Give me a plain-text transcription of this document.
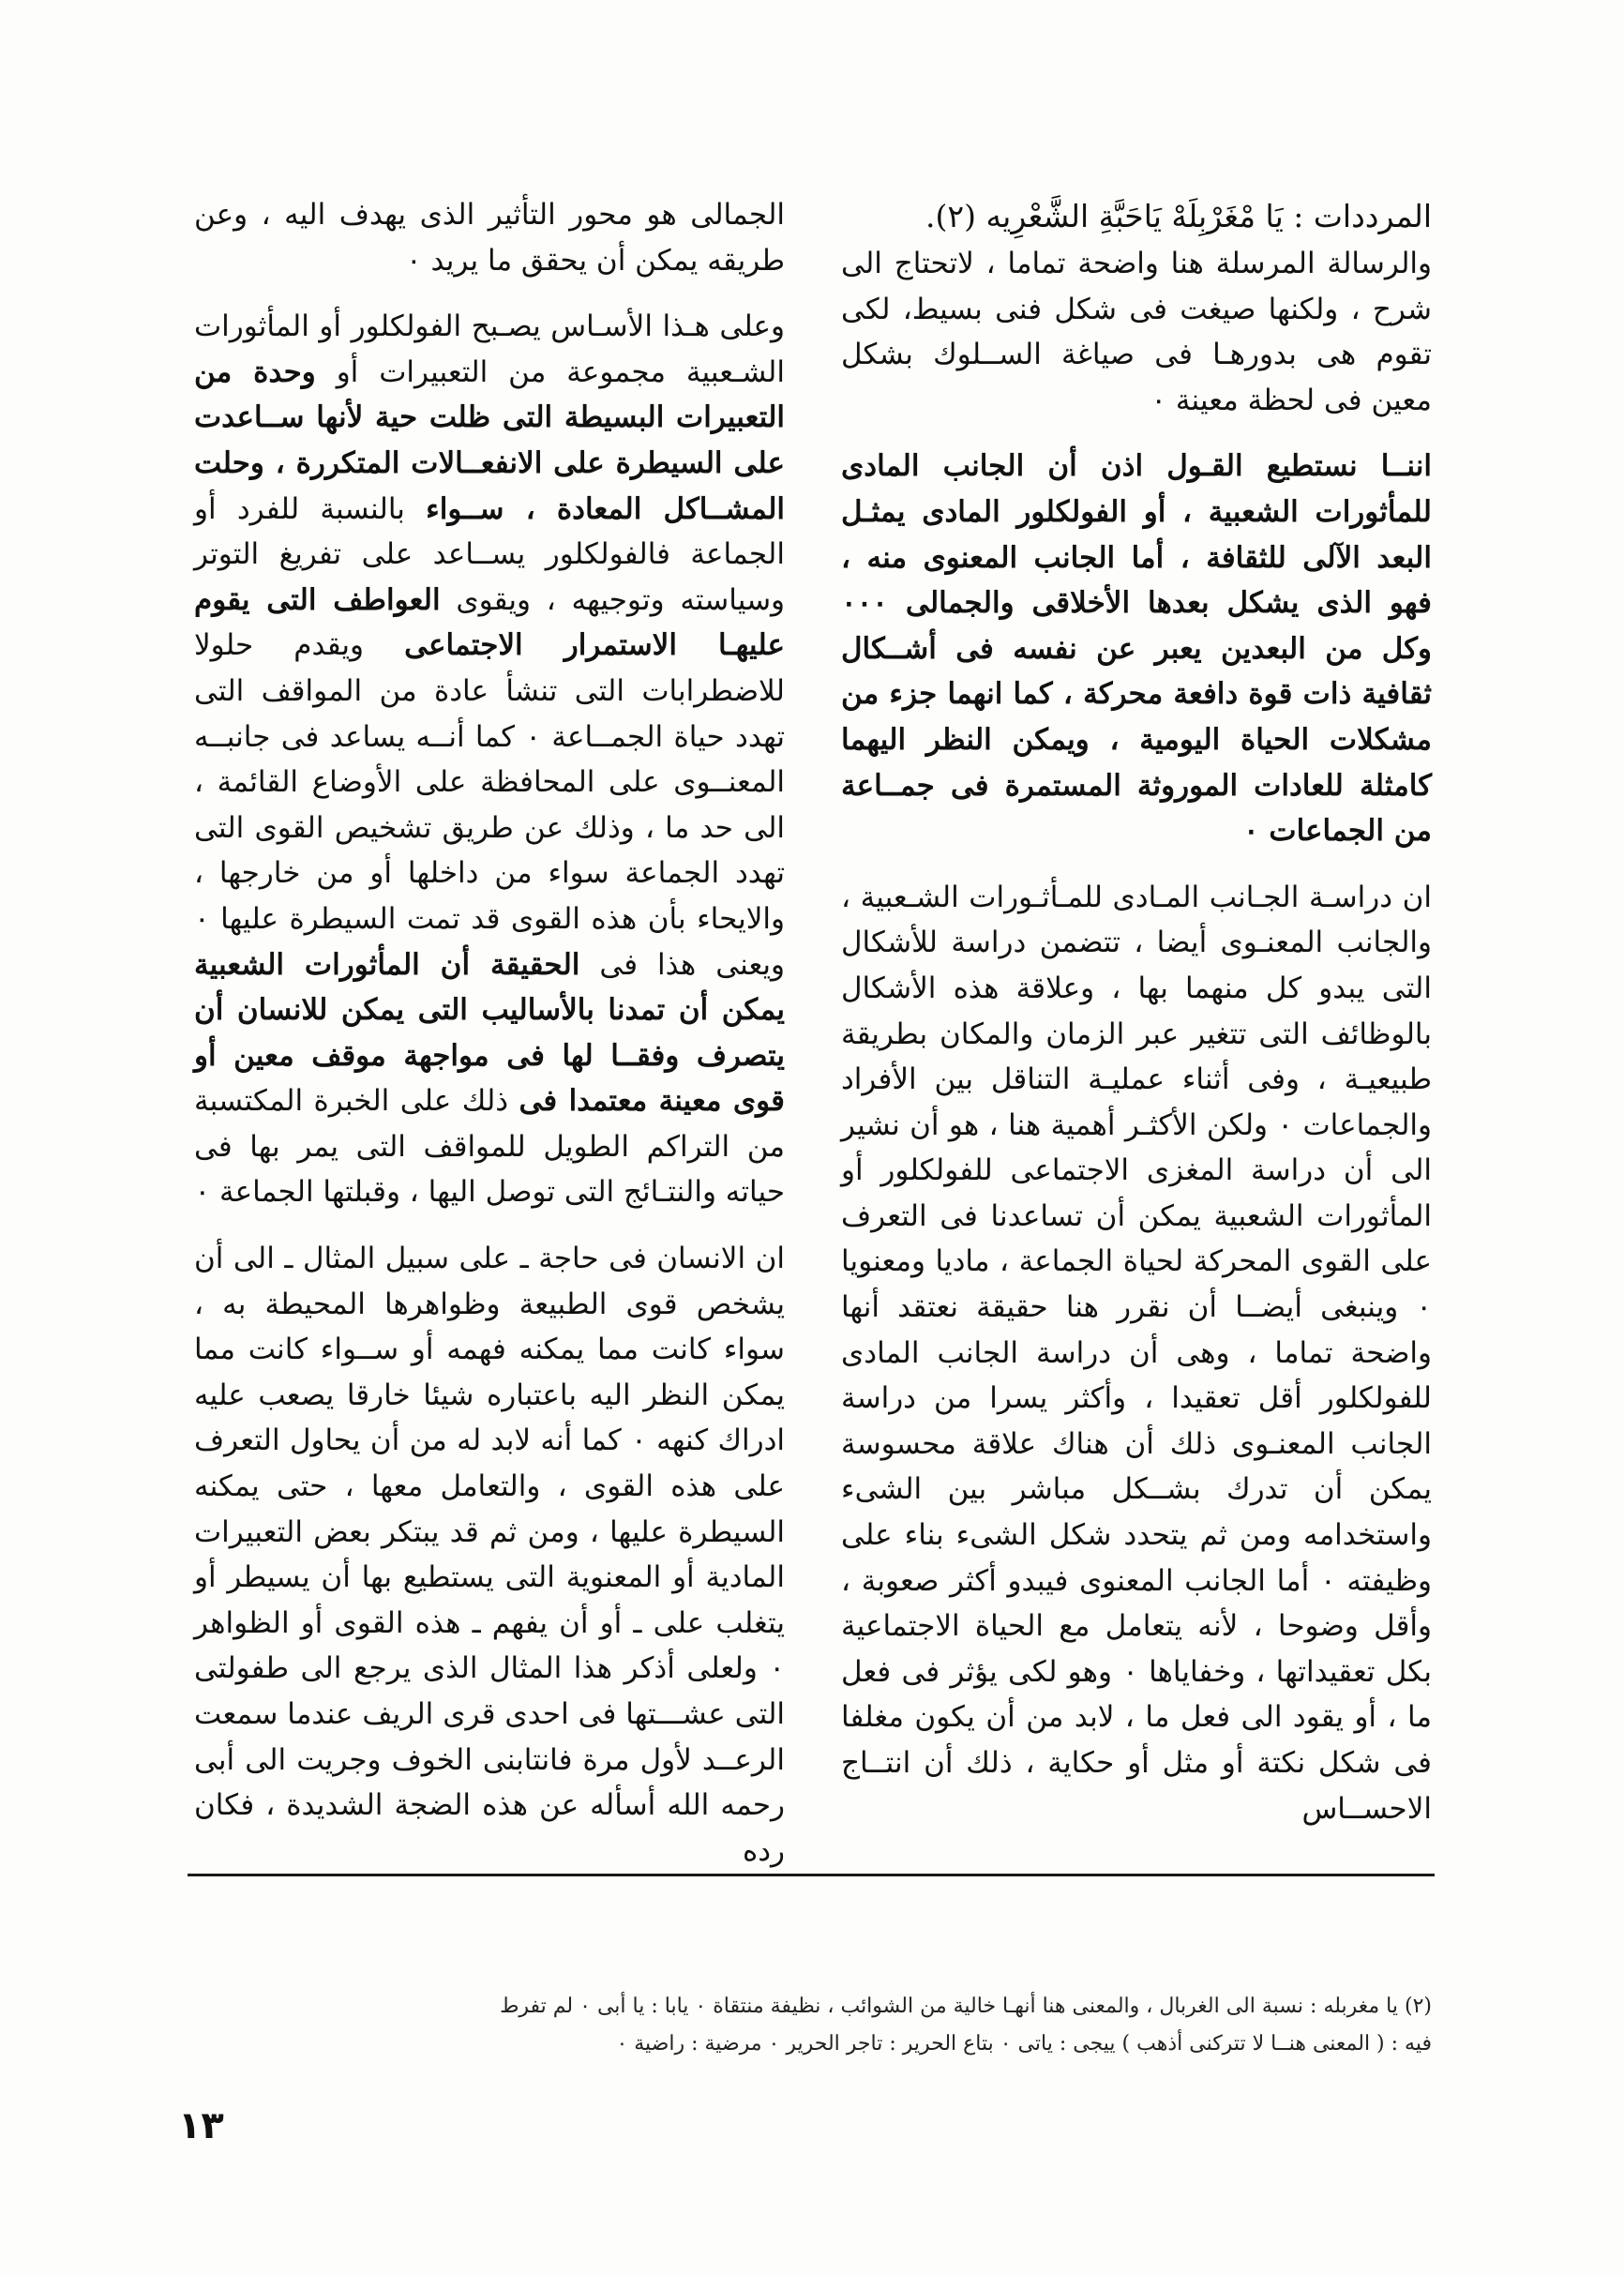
المرددات : يَا مْغَرْبِلَهْ يَاحَبَّةِ الشَّعْرِيه (٢).

والرسالة المرسلة هنا واضحة تماما ، لاتحتاج الى شرح ، ولكنها صيغت فى شكل فنى بسيط، لكى تقوم هى بدورهـا فى صياغة الســلوك بشكل معين فى لحظة معينة ٠

اننــا نستطيع القـول اذن أن الجانب المادى للمأثورات الشعبية ، أو الفولكلور المادى يمثـل البعد الآلى للثقافة ، أما الجانب المعنوى منه ، فهو الذى يشكل بعدها الأخلاقى والجمالى ٠٠٠ وكل من البعدين يعبر عن نفسه فى أشــكال ثقافية ذات قوة دافعة محركة ، كما انهما جزء من مشكلات الحياة اليومية ، ويمكن النظر اليهما كامثلة للعادات الموروثة المستمرة فى جمــاعة من الجماعات ٠

ان دراسـة الجـانب المـادى للمـأثـورات الشـعبية ، والجانب المعنـوى أيضا ، تتضمن دراسة للأشكال التى يبدو كل منهما بها ، وعلاقة هذه الأشكال بالوظائف التى تتغير عبر الزمان والمكان بطريقة طبيعيـة ، وفى أثناء عمليـة التناقل بين الأفراد والجماعات ٠ ولكن الأكثـر أهمية هنا ، هو أن نشير الى أن دراسة المغزى الاجتماعى للفولكلور أو المأثورات الشعبية يمكن أن تساعدنا فى التعرف على القوى المحركة لحياة الجماعة ، ماديا ومعنويا ٠ وينبغى أيضــا أن نقرر هنا حقيقة نعتقد أنها واضحة تماما ، وهى أن دراسة الجانب المادى للفولكلور أقل تعقيدا ، وأكثر يسرا من دراسة الجانب المعنـوى ذلك أن هناك علاقة محسوسة يمكن أن تدرك بشــكل مباشر بين الشىء واستخدامه ومن ثم يتحدد شكل الشىء بناء على وظيفته ٠ أما الجانب المعنوى فيبدو أكثر صعوبة ، وأقل وضوحا ، لأنه يتعامل مع الحياة الاجتماعية بكل تعقيداتها ، وخفاياها ٠ وهو لكى يؤثر فى فعل ما ، أو يقود الى فعل ما ، لابد من أن يكون مغلفا فى شكل نكتة أو مثل أو حكاية ، ذلك أن انتــاج الاحســاس

الجمالى هو محور التأثير الذى يهدف اليه ، وعن طريقه يمكن أن يحقق ما يريد ٠

وعلى هـذا الأسـاس يصـبح الفولكلور أو المأثورات الشـعبية مجموعة من التعبيرات أو وحدة من التعبيرات البسيطة التى ظلت حية لأنها ســاعدت على السيطرة على الانفعــالات المتكررة ، وحلت المشــاكل المعادة ، ســواء بالنسبة للفرد أو الجماعة فالفولكلور يســاعد على تفريغ التوتر وسياسته وتوجيهه ، ويقوى العواطف التى يقوم عليهـا الاستمرار الاجتماعى ويقدم حلولا للاضطرابات التى تنشأ عادة من المواقف التى تهدد حياة الجمــاعة ٠ كما أنــه يساعد فى جانبــه المعنــوى على المحافظة على الأوضاع القائمة ، الى حد ما ، وذلك عن طريق تشخيص القوى التى تهدد الجماعة سواء من داخلها أو من خارجها ، والايحاء بأن هذه القوى قد تمت السيطرة عليها ٠ ويعنى هذا فى الحقيقة أن المأثورات الشعبية يمكن أن تمدنا بالأساليب التى يمكن للانسان أن يتصرف وفقــا لها فى مواجهة موقف معين أو قوى معينة معتمدا فى ذلك على الخبرة المكتسبة من التراكم الطويل للمواقف التى يمر بها فى حياته والنتـائج التى توصل اليها ، وقبلتها الجماعة ٠

ان الانسان فى حاجة ـ على سبيل المثال ـ الى أن يشخص قوى الطبيعة وظواهرها المحيطة به ، سواء كانت مما يمكنه فهمه أو ســواء كانت مما يمكن النظر اليه باعتباره شيئا خارقا يصعب عليه ادراك كنهه ٠ كما أنه لابد له من أن يحاول التعرف على هذه القوى ، والتعامل معها ، حتى يمكنه السيطرة عليها ، ومن ثم قد يبتكر بعض التعبيرات المادية أو المعنوية التى يستطيع بها أن يسيطر أو يتغلب على ـ أو أن يفهم ـ هذه القوى أو الظواهر ٠ ولعلى أذكر هذا المثال الذى يرجع الى طفولتى التى عشـــتها فى احدى قرى الريف عندما سمعت الرعــد لأول مرة فانتابنى الخوف وجريت الى أبى رحمه الله أسأله عن هذه الضجة الشديدة ، فكان رده

(٢) يا مغربله : نسبة الى الغربال ، والمعنى هنا أنهـا خالية من الشوائب ، نظيفة منتقاة ٠ يابا : يا أبى ٠ لم تفرط

فيه : ( المعنى هنــا لا تتركنى أذهب ) ييجى : ياتى ٠ بتاع الحرير : تاجر الحرير ٠ مرضية : راضية ٠

١٣
